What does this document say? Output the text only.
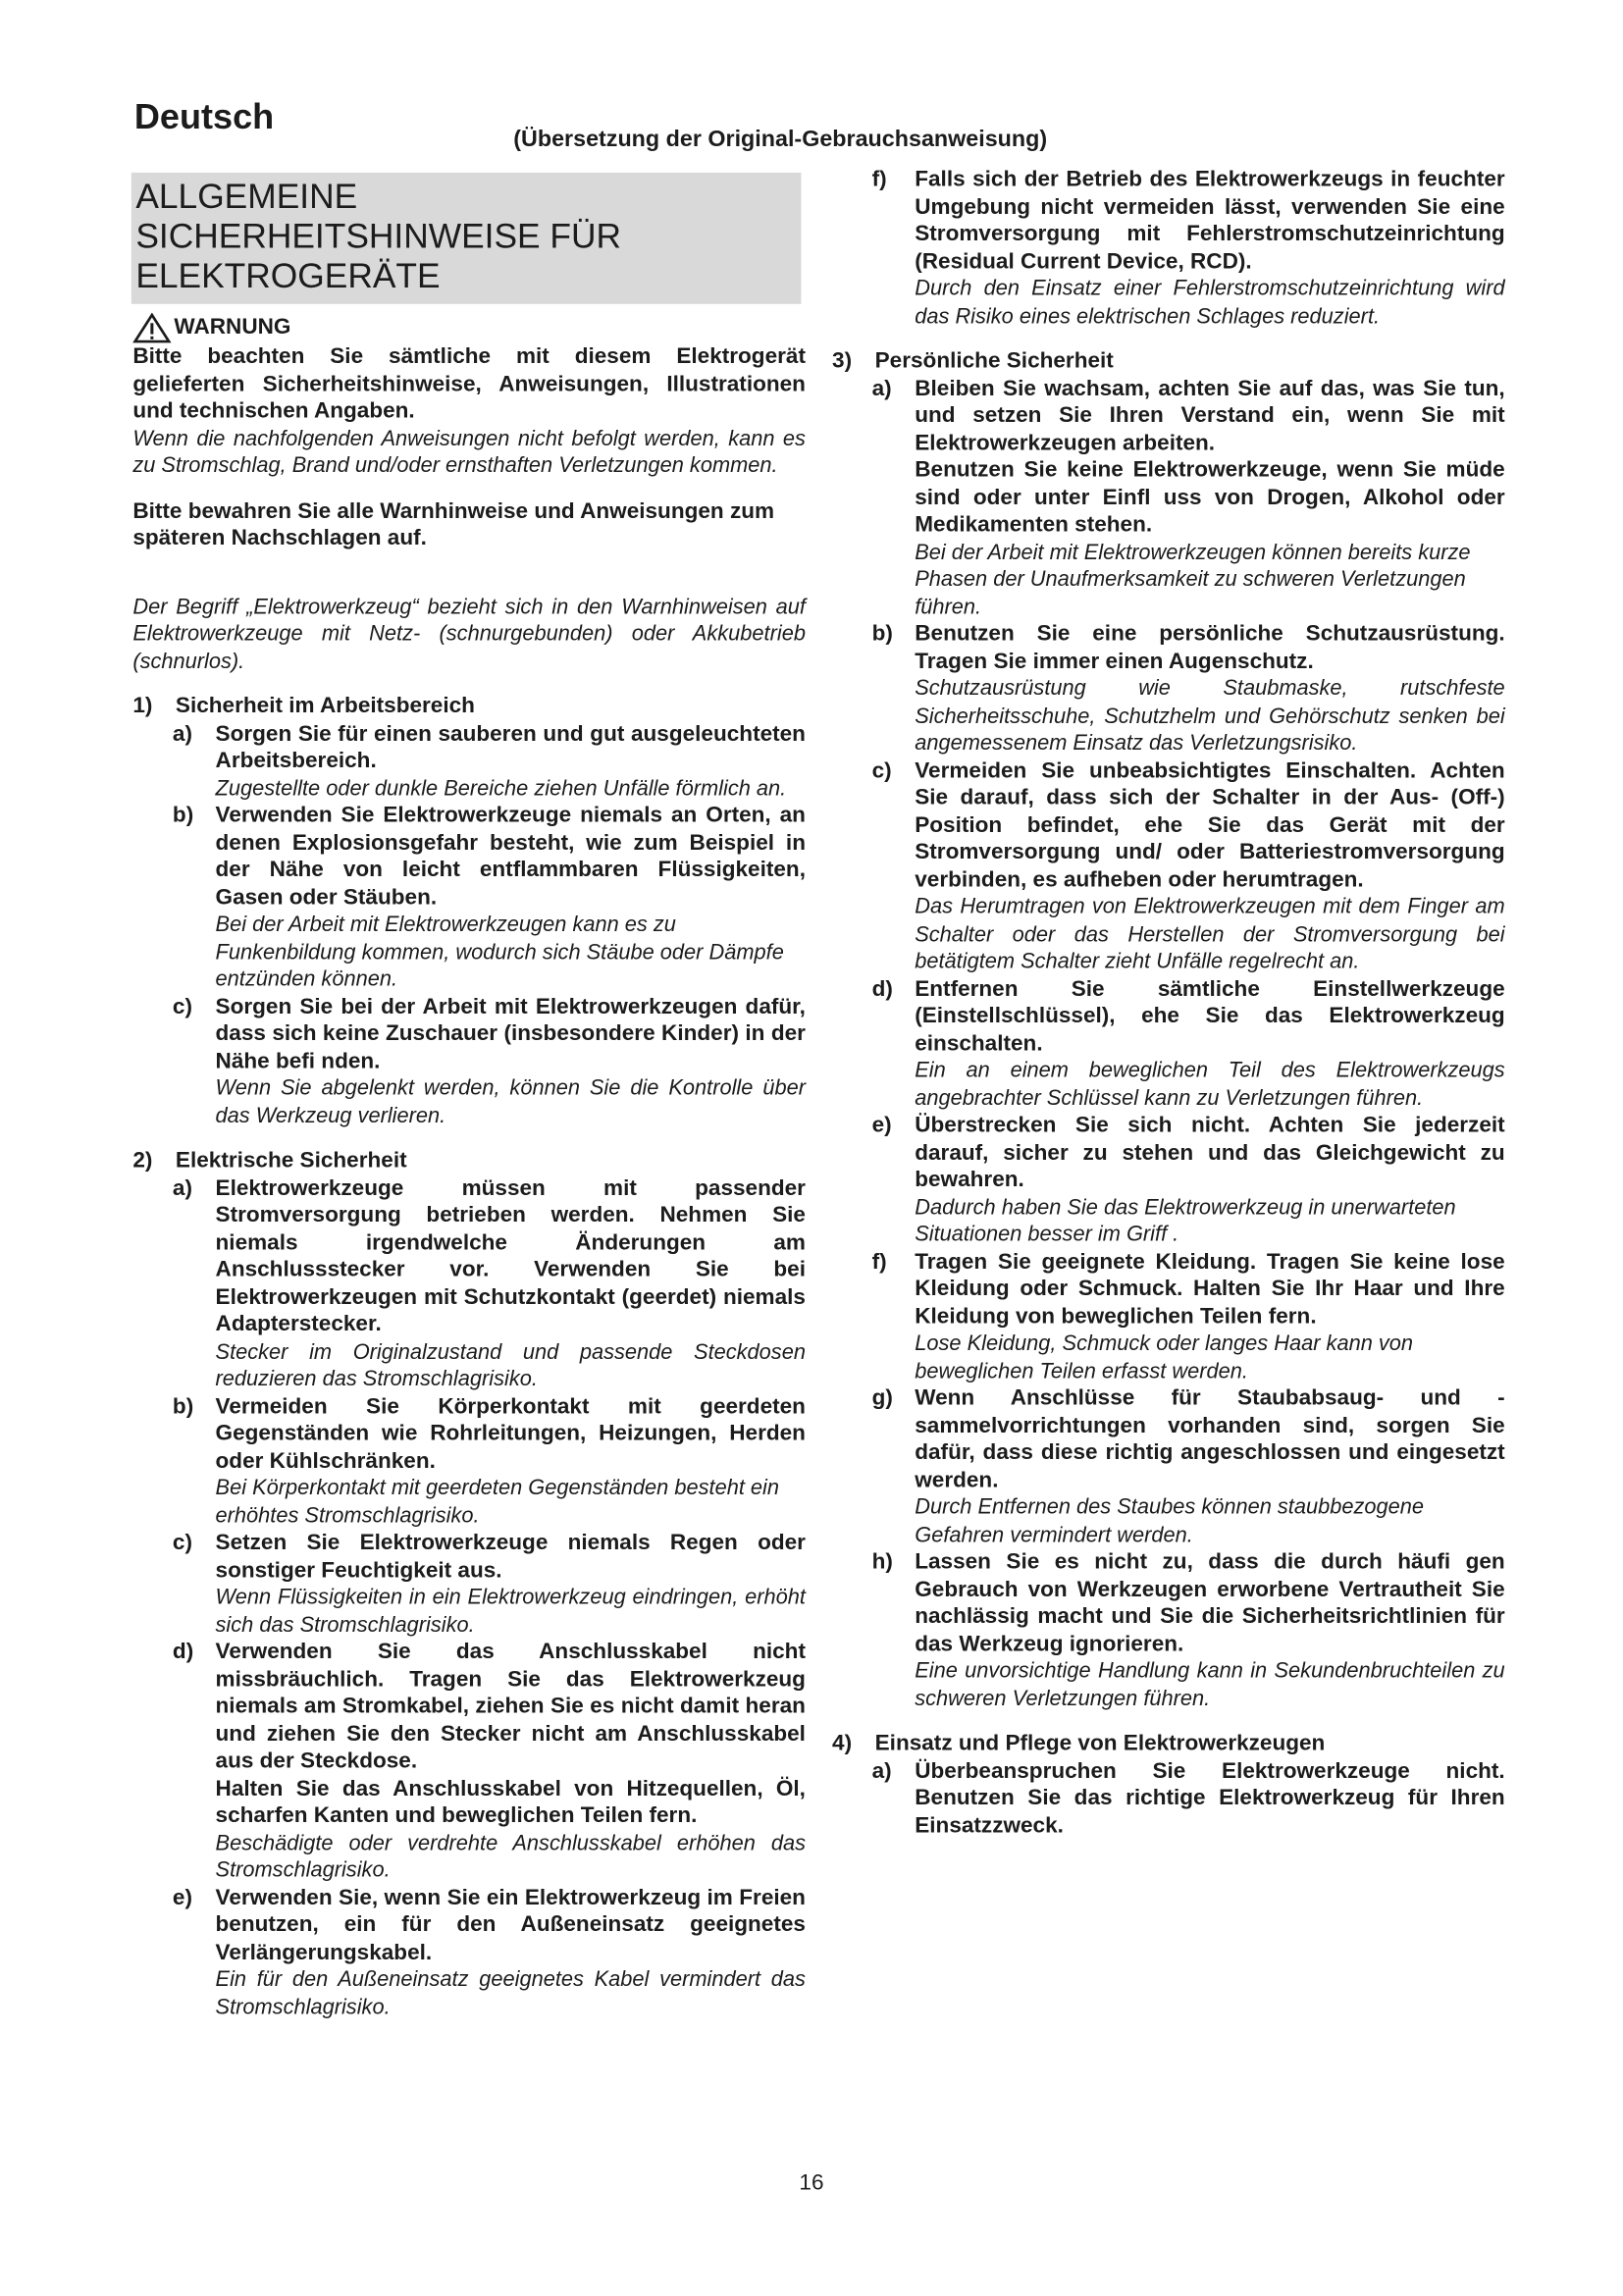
Deutsch
(Übersetzung der Original-Gebrauchsanweisung)
ALLGEMEINE
SICHERHEITSHINWEISE FÜR
ELEKTROGERÄTE
WARNUNG

Bitte beachten Sie sämtliche mit diesem Elektrogerät gelieferten Sicherheitshinweise, Anweisungen, Illustrationen und technischen Angaben.

Wenn die nachfolgenden Anweisungen nicht befolgt werden, kann es zu Stromschlag, Brand und/oder ernsthaften Verletzungen kommen.

Bitte bewahren Sie alle Warnhinweise und Anweisungen zum späteren Nachschlagen auf.

Der Begriff „Elektrowerkzeug“ bezieht sich in den Warnhinweisen auf Elektrowerkzeuge mit Netz- (schnurgebunden) oder Akkubetrieb (schnurlos).

1)	Sicherheit im Arbeitsbereich
a)	Sorgen Sie für einen sauberen und gut ausgeleuchteten Arbeitsbereich.

Zugestellte oder dunkle Bereiche ziehen Unfälle förmlich an.

b)	Verwenden Sie Elektrowerkzeuge niemals an Orten, an denen Explosionsgefahr besteht, wie zum Beispiel in der Nähe von leicht entflammbaren Flüssigkeiten, Gasen oder Stäuben.

Bei der Arbeit mit Elektrowerkzeugen kann es zu Funkenbildung kommen, wodurch sich Stäube oder Dämpfe entzünden können.

c)	Sorgen Sie bei der Arbeit mit Elektrowerkzeugen dafür, dass sich keine Zuschauer (insbesondere Kinder) in der Nähe befi nden.

Wenn Sie abgelenkt werden, können Sie die Kontrolle über das Werkzeug verlieren.

2)	Elektrische Sicherheit
a)	Elektrowerkzeuge müssen mit passender Stromversorgung betrieben werden. Nehmen Sie niemals irgendwelche Änderungen am Anschlussstecker vor. Verwenden Sie bei Elektrowerkzeugen mit Schutzkontakt (geerdet) niemals Adapterstecker.

Stecker im Originalzustand und passende Steckdosen reduzieren das Stromschlagrisiko.

b)	Vermeiden Sie Körperkontakt mit geerdeten Gegenständen wie Rohrleitungen, Heizungen, Herden oder Kühlschränken.

Bei Körperkontakt mit geerdeten Gegenständen besteht ein erhöhtes Stromschlagrisiko.

c)	Setzen Sie Elektrowerkzeuge niemals Regen oder sonstiger Feuchtigkeit aus.

Wenn Flüssigkeiten in ein Elektrowerkzeug eindringen, erhöht sich das Stromschlagrisiko.

d)	Verwenden Sie das Anschlusskabel nicht missbräuchlich. Tragen Sie das Elektrowerkzeug niemals am Stromkabel, ziehen Sie es nicht damit heran und ziehen Sie den Stecker nicht am Anschlusskabel aus der Steckdose.

Halten Sie das Anschlusskabel von Hitzequellen, Öl, scharfen Kanten und beweglichen Teilen fern.

Beschädigte oder verdrehte Anschlusskabel erhöhen das Stromschlagrisiko.

e)	Verwenden Sie, wenn Sie ein Elektrowerkzeug im Freien benutzen, ein für den Außeneinsatz geeignetes Verlängerungskabel.

Ein für den Außeneinsatz geeignetes Kabel vermindert das Stromschlagrisiko.

f)	Falls sich der Betrieb des Elektrowerkzeugs in feuchter Umgebung nicht vermeiden lässt, verwenden Sie eine Stromversorgung mit Fehlerstromschutzeinrichtung (Residual Current Device, RCD).

Durch den Einsatz einer Fehlerstromschutzeinrichtung wird das Risiko eines elektrischen Schlages reduziert.

3)	Persönliche Sicherheit
a)	Bleiben Sie wachsam, achten Sie auf das, was Sie tun, und setzen Sie Ihren Verstand ein, wenn Sie mit Elektrowerkzeugen arbeiten.

Benutzen Sie keine Elektrowerkzeuge, wenn Sie müde sind oder unter Einfl uss von Drogen, Alkohol oder Medikamenten stehen.

Bei der Arbeit mit Elektrowerkzeugen können bereits kurze Phasen der Unaufmerksamkeit zu schweren Verletzungen führen.

b)	Benutzen Sie eine persönliche Schutzausrüstung. Tragen Sie immer einen Augenschutz.

Schutzausrüstung wie Staubmaske, rutschfeste Sicherheitsschuhe, Schutzhelm und Gehörschutz senken bei angemessenem Einsatz das Verletzungsrisiko.

c)	Vermeiden Sie unbeabsichtigtes Einschalten. Achten Sie darauf, dass sich der Schalter in der Aus- (Off-) Position befindet, ehe Sie das Gerät mit der Stromversorgung und/ oder Batteriestromversorgung verbinden, es aufheben oder herumtragen.

Das Herumtragen von Elektrowerkzeugen mit dem Finger am Schalter oder das Herstellen der Stromversorgung bei betätigtem Schalter zieht Unfälle regelrecht an.

d)	Entfernen Sie sämtliche Einstellwerkzeuge (Einstellschlüssel), ehe Sie das Elektrowerkzeug einschalten.

Ein an einem beweglichen Teil des Elektrowerkzeugs angebrachter Schlüssel kann zu Verletzungen führen.

e)	Überstrecken Sie sich nicht. Achten Sie jederzeit darauf, sicher zu stehen und das Gleichgewicht zu bewahren.

Dadurch haben Sie das Elektrowerkzeug in unerwarteten Situationen besser im Griff .

f)	Tragen Sie geeignete Kleidung. Tragen Sie keine lose Kleidung oder Schmuck. Halten Sie Ihr Haar und Ihre Kleidung von beweglichen Teilen fern.

Lose Kleidung, Schmuck oder langes Haar kann von beweglichen Teilen erfasst werden.

g)	Wenn Anschlüsse für Staubabsaug- und -sammelvorrichtungen vorhanden sind, sorgen Sie dafür, dass diese richtig angeschlossen und eingesetzt werden.

Durch Entfernen des Staubes können staubbezogene Gefahren vermindert werden.

h)	Lassen Sie es nicht zu, dass die durch häufi gen Gebrauch von Werkzeugen erworbene Vertrautheit Sie nachlässig macht und Sie die Sicherheitsrichtlinien für das Werkzeug ignorieren.

Eine unvorsichtige Handlung kann in Sekundenbruchteilen zu schweren Verletzungen führen.

4)	Einsatz und Pflege von Elektrowerkzeugen
a)	Überbeanspruchen Sie Elektrowerkzeuge nicht. Benutzen Sie das richtige Elektrowerkzeug für Ihren Einsatzzweck.

16
